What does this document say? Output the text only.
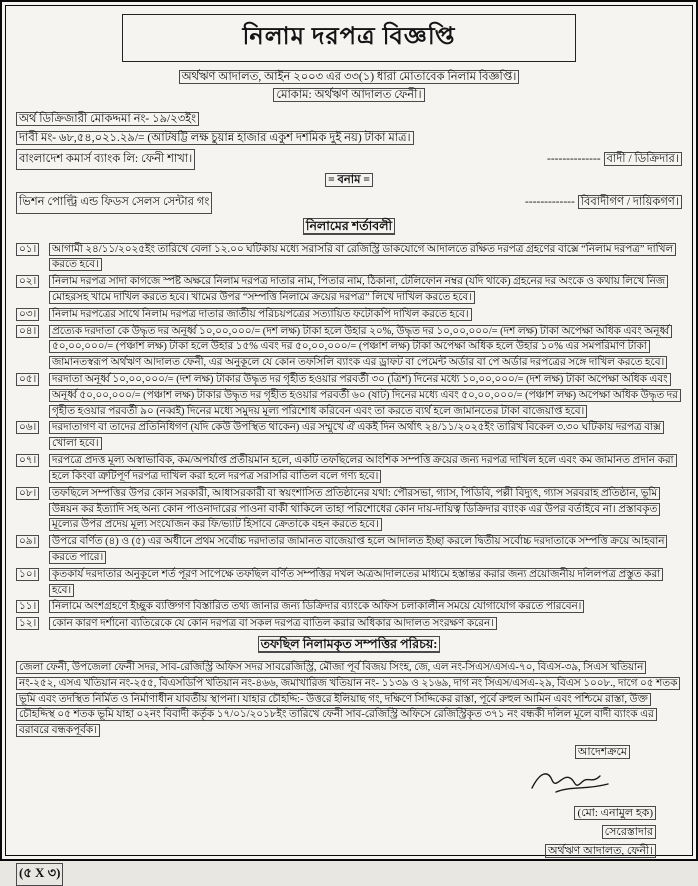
নিলাম দরপত্র বিজ্ঞপ্তি
অর্থঋণ আদালত, আইন ২০০৩ এর ৩৩(১) ধারা মোতাবেক নিলাম বিজ্ঞপ্তি।
মোকাম: অর্থঋণ আদালত ফেনী।
অর্থ ডিক্রিজারী মোকদ্দমা নং- ১৯/২৩ইং
দাবী মং- ৬৮,৫৪,০২১.২৯/= (আটষট্টি লক্ষ চুয়ান্ন হাজার একুশ দশমিক দুই নয়) টাকা মাত্র।
বাংলাদেশ কমার্স ব্যাংক লি: ফেনী শাখা।	-------------- বাদী / ডিক্রিদার।
= বনাম =
ভিশন পোল্ট্রি এন্ড ফিডস সেলস সেন্টার গং	------------- বিবাদীগণ / দায়িকগণ।
নিলামের শর্তাবলী
০১।	আগামী ২৪/১১/২০২৫ইং তারিখে বেলা ১২.০০ ঘটিকায় মধ্যে সরাসরি বা রেজিস্ট্রি ডাকযোগে আদালতে রক্ষিত দরপত্র গ্রহণের বাক্সে “নিলাম দরপত্র” দাখিল করতে হবে।
০২।	নিলাম দরপত্র সাদা কাগজে স্পষ্ট অক্ষরে নিলাম দরপত্র দাতার নাম, পিতার নাম, ঠিকানা, টেলিফোন নম্বর (যদি থাকে) গ্রহনের দর অংকে ও কথায় লিখে নিজ মোহরসহ খামে দাখিল করতে হবে। খামের উপর “সম্পত্তি নিলামে ক্রয়ের দরপত্র” লিখে দাখিল করতে হবে।
০৩।	নিলাম দরপত্রের সাথে নিলাম দরপত্র দাতার জাতীয় পরিচয়পত্রের সত্যায়িত ফটোকপি দাখিল করতে হবে।
০৪।	প্রত্যেক দরদাতা কে উদ্ধৃত দর অনূর্ধ্ব ১০,০০,০০০/= (দশ লক্ষ) টাকা হলে উহার ২০%, উদ্ধৃত দর ১০,০০,০০০/= (দশ লক্ষ) টাকা অপেক্ষা অধিক এবং অনূর্ধ্ব ৫০,০০,০০০/= (পঞ্চাশ লক্ষ) টাকা হলে উহার ১৫% এবং দর ৫০,০০,০০০/= (পঞ্চাশ লক্ষ) টাকা অপেক্ষা অধিক হলে উহার ১০% এর সমপরিমাণ টাকা জামানতস্বরূপ অর্থঋণ আদালত ফেনী, এর অনুকূলে যে কোন তফসিলি ব্যাংক এর ড্রাফট বা পেমেন্ট অর্ডার বা পে অর্ডার দরপত্রের সঙ্গে দাখিল করতে হবে।
০৫।	দরদাতা অনূর্ধ্ব ১০,০০,০০০/= (দশ লক্ষ) টাকার উদ্ধৃত দর গৃহীত হওয়ার পরবর্তী ৩০ (ত্রিশ) দিনের মধ্যে ১০,০০,০০০/= (দশ লক্ষ) টাকা অপেক্ষা অধিক এবং অনূর্ধ্ব ৫০,০০,০০০/= (পঞ্চাশ লক্ষ) টাকার উদ্ধৃত দর গৃহীত হওয়ার পরবর্তী ৬০ (ষাট) দিনের মধ্যে এবং ৫০,০০,০০০/= (পঞ্চাশ লক্ষ) অপেক্ষা অধিক উদ্ধৃত দর গৃহীত হওয়ার পরবর্তী ৯০ (নব্বই) দিনের মধ্যে সমুদয় মূল্য পরিশোধ করিবেন এবং তা করতে ব্যর্থ হলে জামানতের টাকা বাজেয়াপ্ত হবে।
০৬।	দরদাতাগণ বা তাদের প্রতিনিধিগণ (যদি কেউ উপস্থিত থাকেন) এর সম্মুখে ঐ একই দিন অর্থাৎ ২৪/১১/২০২৫ইং তারিখ বিকেল ৩.৩০ ঘটিকায় দরপত্র বাক্স খোলা হবে।
০৭।	দরপত্রে প্রদত্ত মূল্য অস্বাভাবিক, কম/অপর্যাপ্ত প্রতীয়মান হলে, একটি তফছিলের আংশিক সম্পত্তি ক্রয়ের জন্য দরপত্র দাখিল হলে এবং কম জামানত প্রদান করা হলে কিংবা ত্রুটিপূর্ণ দরপত্র দাখিল করা হলে দরপত্র সরাসরি বাতিল বলে গণ্য হবে।
০৮।	তফছিলে সম্পত্তির উপর কোন সরকারী, আধাসরকারী বা স্বয়ংশাসিত প্রতিষ্ঠানের যথা: পৌরসভা, গ্যাস, পিডিবি, পল্লী বিদ্যুৎ, গ্যাস সরবরাহ প্রতিষ্ঠান, ভূমি উন্নয়ন কর ইত্যাদি সহ অন্য কোন পাওনাদারের পাওনা বাকী থাকিলে তাহা পরিশোধের কোন দায়-দায়িত্ব ডিক্রিদার ব্যাংক এর উপর বর্তাইবে না। প্রস্তাবকৃত মূল্যের উপর প্রদেয় মূল্য সংযোজন কর ফি/ভ্যাট হিসাবে ক্রেতাকে বহন করতে হবে।
০৯।	উপরে বর্ণিত (৪) ও (৫) এর অধীনে প্রথম সর্বোচ্চ দরদাতার জামানত বাজেয়াপ্ত হলে আদালত ইচ্ছা করলে দ্বিতীয় সর্বোচ্চ দরদাতাকে সম্পত্তি ক্রয়ে আহবান করতে পারে।
১০।	কৃতকার্য দরদাতার অনুকূলে শর্ত পূরণ সাপেক্ষে তফছিল বর্ণিত সম্পত্তির দখল অত্রআদালতের মাধ্যমে হস্তান্তর করার জন্য প্রয়োজনীয় দলিলপত্র প্রস্তুত করা হবে।
১১।	নিলামে অংশগ্রহণে ইচ্ছুক ব্যক্তিগণ বিস্তারিত তথ্য জানার জন্য ডিক্রিদার ব্যাংকে অফিস চলাকালীন সময়ে যোগাযোগ করতে পারবেন।
১২।	কোন কারণ দর্শানো ব্যতিরেকে যে কোন দরপত্র বা সকল দরপত্র বাতিল করার অধিকার আদালত সংরক্ষণ করেন।
তফছিল নিলামকৃত সম্পত্তির পরিচয়:
জেলা ফেনী, উপজেলা ফেনী সদর, সাব-রেজিস্ট্রি অফিস সদর সাবরেজিস্ট্রি, মৌজা পূর্ব বিজয় সিংহ, জে, এল নং-সিএস/এসএ-৭০, বিএস-৩৯, সিএস খতিয়ান নং-২৫২, এসএ খতিয়ান নং-২৫৫, বিএসডিপি খতিয়ান নং-৪৬৬, জমাখারিজ খতিয়ান নং- ১১৩৯ ও ২১৬৯, দাগ নং সিএস/এসএ-২৯, বিএস ১০০৮., দাগে ০৫ শতক ভূমি এবং তদস্থিত নির্মিত ও নির্মাণাধীন যাবতীয় স্থাপনা। যাহার চৌহদ্দি:- উত্তরে ইলিয়াছ গং, দক্ষিণে সিদ্দিকের রাস্তা, পূর্বে রুহুল আমিন এবং পশ্চিমে রাস্তা, উক্ত চৌহদ্দিস্থ ০৫ শতক ভূমি যাহা ০২নং বিবাদী কর্তৃক ১৭/০১/২০১৮ইং তারিখে ফেনী সাব-রেজিস্ট্রি অফিসে রেজিস্ট্রিকৃত ৩৭১ নং বন্ধকী দলিল মূলে বাদী ব্যাংক এর বরাবরে বন্ধকপূর্বক।
আদেশক্রমে
(মো: এনামুল হক)
সেরেস্তাদার
অর্থঋণ আদালত, ফেনী।
(৫ X ৩)
